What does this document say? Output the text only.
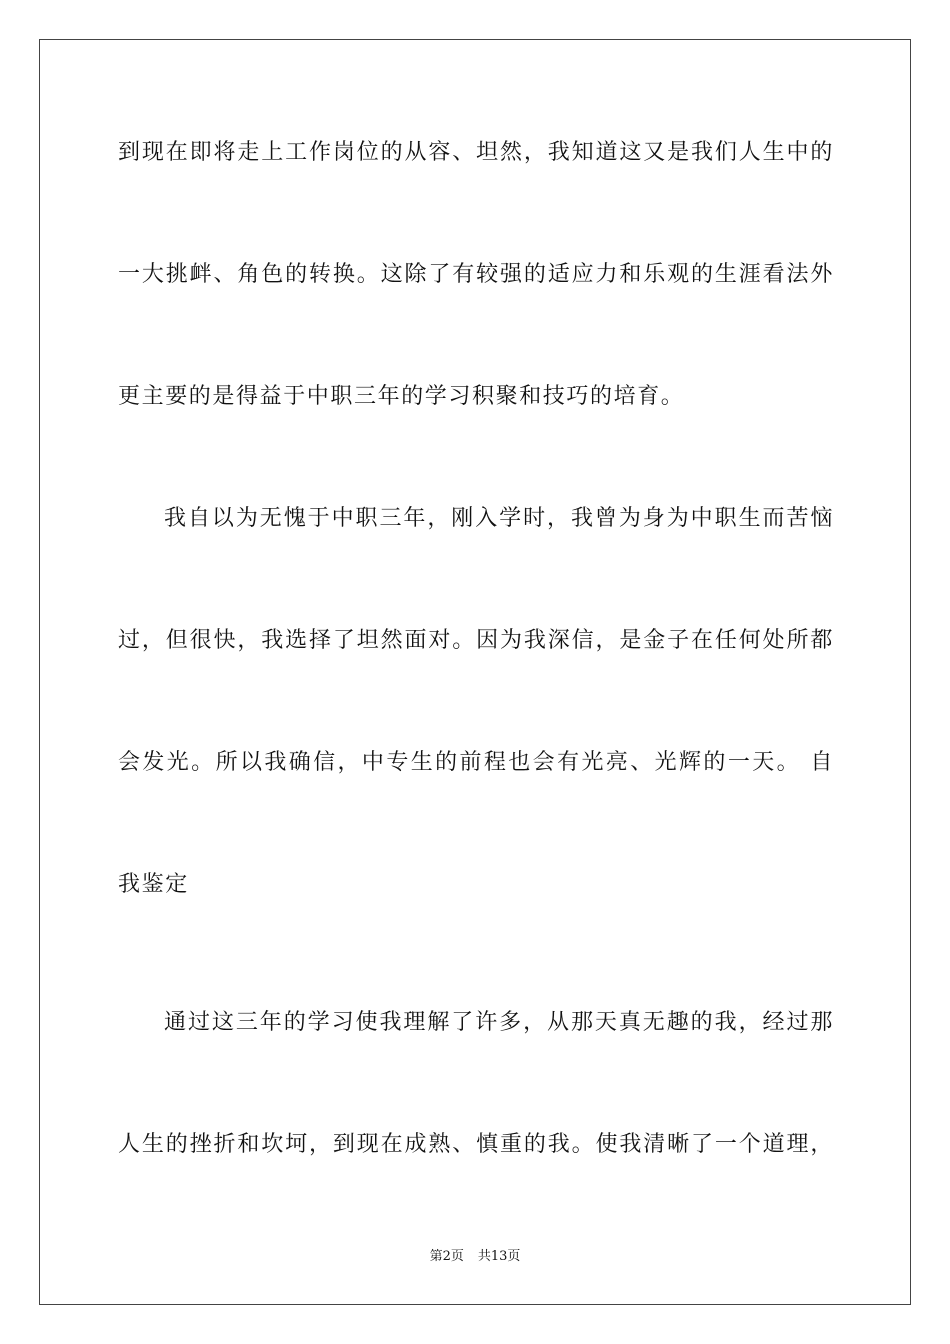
到现在即将走上工作岗位的从容、坦然，我知道这又是我们人生中的
一大挑衅、角色的转换。这除了有较强的适应力和乐观的生涯看法外
更主要的是得益于中职三年的学习积聚和技巧的培育。
我自以为无愧于中职三年，刚入学时，我曾为身为中职生而苦恼
过，但很快，我选择了坦然面对。因为我深信，是金子在任何处所都
会发光。所以我确信，中专生的前程也会有光亮、光辉的一天。 自
我鉴定
通过这三年的学习使我理解了许多，从那天真无趣的我，经过那
人生的挫折和坎坷，到现在成熟、慎重的我。使我清晰了一个道理，
第2页 共13页
